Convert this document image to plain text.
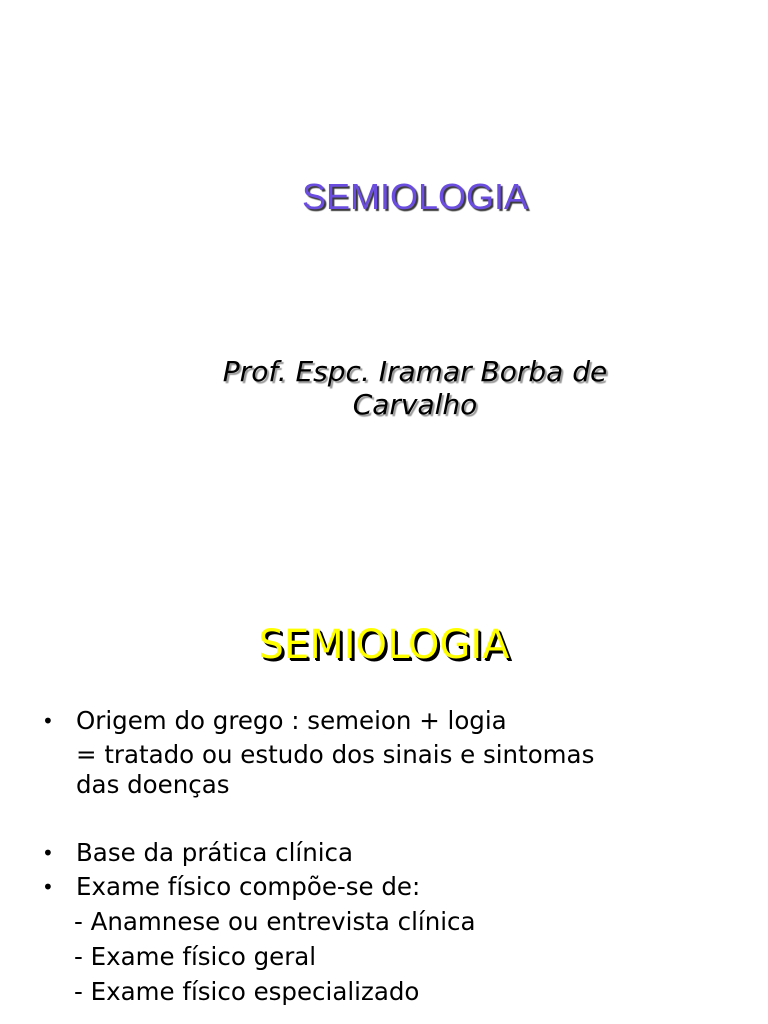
SEMIOLOGIA

Prof. Espc. Iramar Borba de
Carvalho

SEMIOLOGIA
• Origem do grego : semeion + logia
= tratado ou estudo dos sinais e sintomas
das doenças
• Base da prática clínica
• Exame físico compõe-se de:
- Anamnese ou entrevista clínica
- Exame físico geral
- Exame físico especializado
